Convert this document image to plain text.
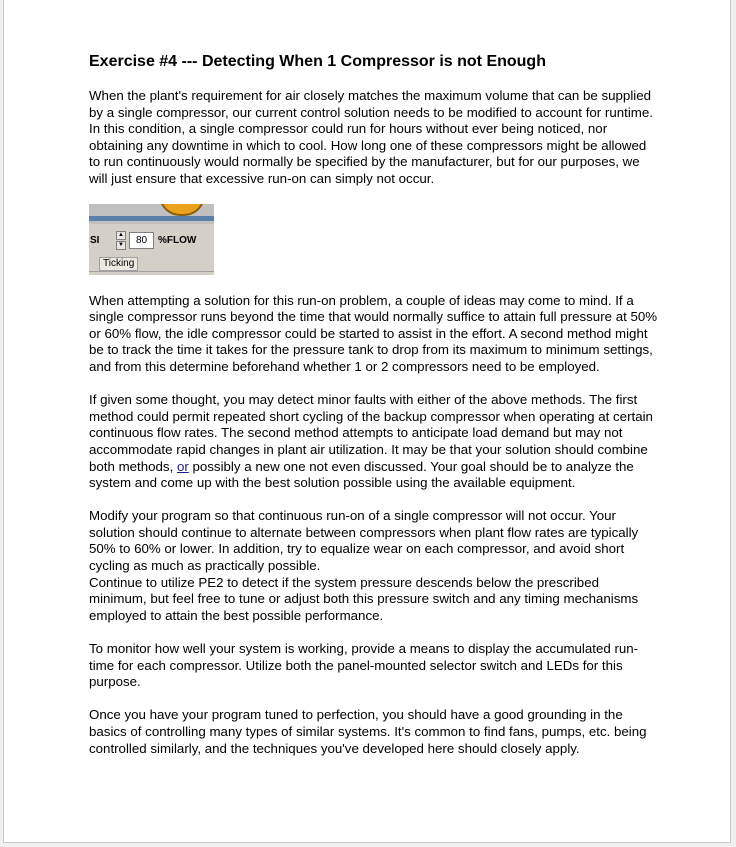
Exercise #4 --- Detecting When 1 Compressor is not Enough

When the plant's requirement for air closely matches the maximum volume that can be supplied by a single compressor, our current control solution needs to be modified to account for runtime. In this condition, a single compressor could run for hours without ever being noticed, nor obtaining any downtime in which to cool. How long one of these compressors might be allowed to run continuously would normally be specified by the manufacturer, but for our purposes, we will just ensure that excessive run-on can simply not occur.

SI	▲
▼	80	%FLOW
Ticking

When attempting a solution for this run-on problem, a couple of ideas may come to mind. If a single compressor runs beyond the time that would normally suffice to attain full pressure at 50% or 60% flow, the idle compressor could be started to assist in the effort. A second method might be to track the time it takes for the pressure tank to drop from its maximum to minimum settings, and from this determine beforehand whether 1 or 2 compressors need to be employed.

If given some thought, you may detect minor faults with either of the above methods. The first method could permit repeated short cycling of the backup compressor when operating at certain continuous flow rates. The second method attempts to anticipate load demand but may not accommodate rapid changes in plant air utilization. It may be that your solution should combine both methods, or possibly a new one not even discussed. Your goal should be to analyze the system and come up with the best solution possible using the available equipment.

Modify your program so that continuous run-on of a single compressor will not occur. Your solution should continue to alternate between compressors when plant flow rates are typically 50% to 60% or lower. In addition, try to equalize wear on each compressor, and avoid short cycling as much as practically possible.

Continue to utilize PE2 to detect if the system pressure descends below the prescribed minimum, but feel free to tune or adjust both this pressure switch and any timing mechanisms employed to attain the best possible performance.

To monitor how well your system is working, provide a means to display the accumulated run-time for each compressor. Utilize both the panel-mounted selector switch and LEDs for this purpose.

Once you have your program tuned to perfection, you should have a good grounding in the basics of controlling many types of similar systems. It's common to find fans, pumps, etc. being controlled similarly, and the techniques you've developed here should closely apply.
